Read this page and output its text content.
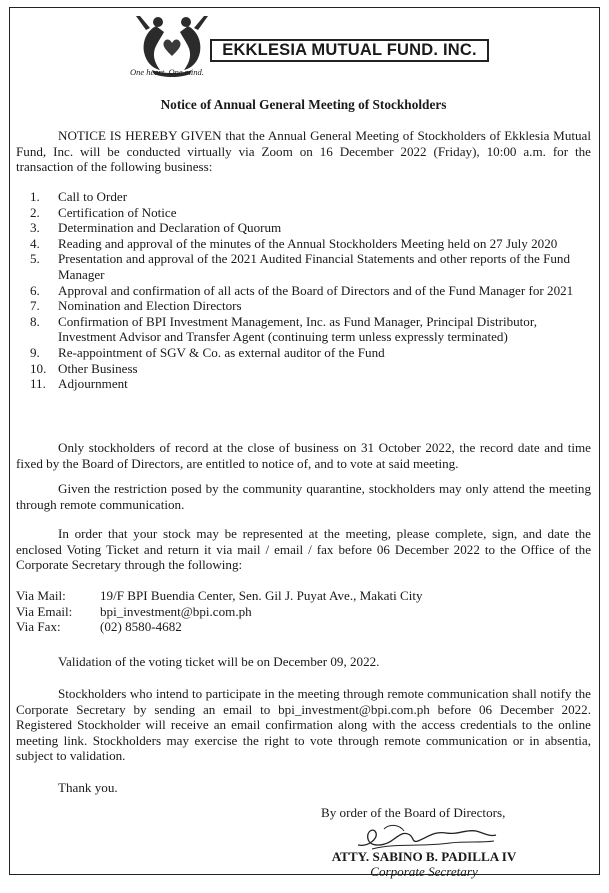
One heart. One mind.
EKKLESIA MUTUAL FUND. INC.
Notice of Annual General Meeting of Stockholders

NOTICE IS HEREBY GIVEN that the Annual General Meeting of Stockholders of Ekklesia Mutual Fund, Inc. will be conducted virtually via Zoom on 16 December 2022 (Friday), 10:00 a.m. for the transaction of the following business:

1. Call to Order
2. Certification of Notice
3. Determination and Declaration of Quorum
4. Reading and approval of the minutes of the Annual Stockholders Meeting held on 27 July 2020
5. Presentation and approval of the 2021 Audited Financial Statements and other reports of the Fund Manager
6. Approval and confirmation of all acts of the Board of Directors and of the Fund Manager for 2021
7. Nomination and Election Directors
8. Confirmation of BPI Investment Management, Inc. as Fund Manager, Principal Distributor, Investment Advisor and Transfer Agent (continuing term unless expressly terminated)
9. Re-appointment of SGV & Co. as external auditor of the Fund
10. Other Business
11. Adjournment

Only stockholders of record at the close of business on 31 October 2022, the record date and time fixed by the Board of Directors, are entitled to notice of, and to vote at said meeting.

Given the restriction posed by the community quarantine, stockholders may only attend the meeting through remote communication.

In order that your stock may be represented at the meeting, please complete, sign, and date the enclosed Voting Ticket and return it via mail / email / fax before 06 December 2022 to the Office of the Corporate Secretary through the following:

Via Mail:	19/F BPI Buendia Center, Sen. Gil J. Puyat Ave., Makati City
Via Email: bpi_investment@bpi.com.ph
Via Fax:	(02) 8580-4682

Validation of the voting ticket will be on December 09, 2022.

Stockholders who intend to participate in the meeting through remote communication shall notify the Corporate Secretary by sending an email to bpi_investment@bpi.com.ph before 06 December 2022. Registered Stockholder will receive an email confirmation along with the access credentials to the online meeting link. Stockholders may exercise the right to vote through remote communication or in absentia, subject to validation.

Thank you.

By order of the Board of Directors,
ATTY. SABINO B. PADILLA IV
Corporate Secretary
